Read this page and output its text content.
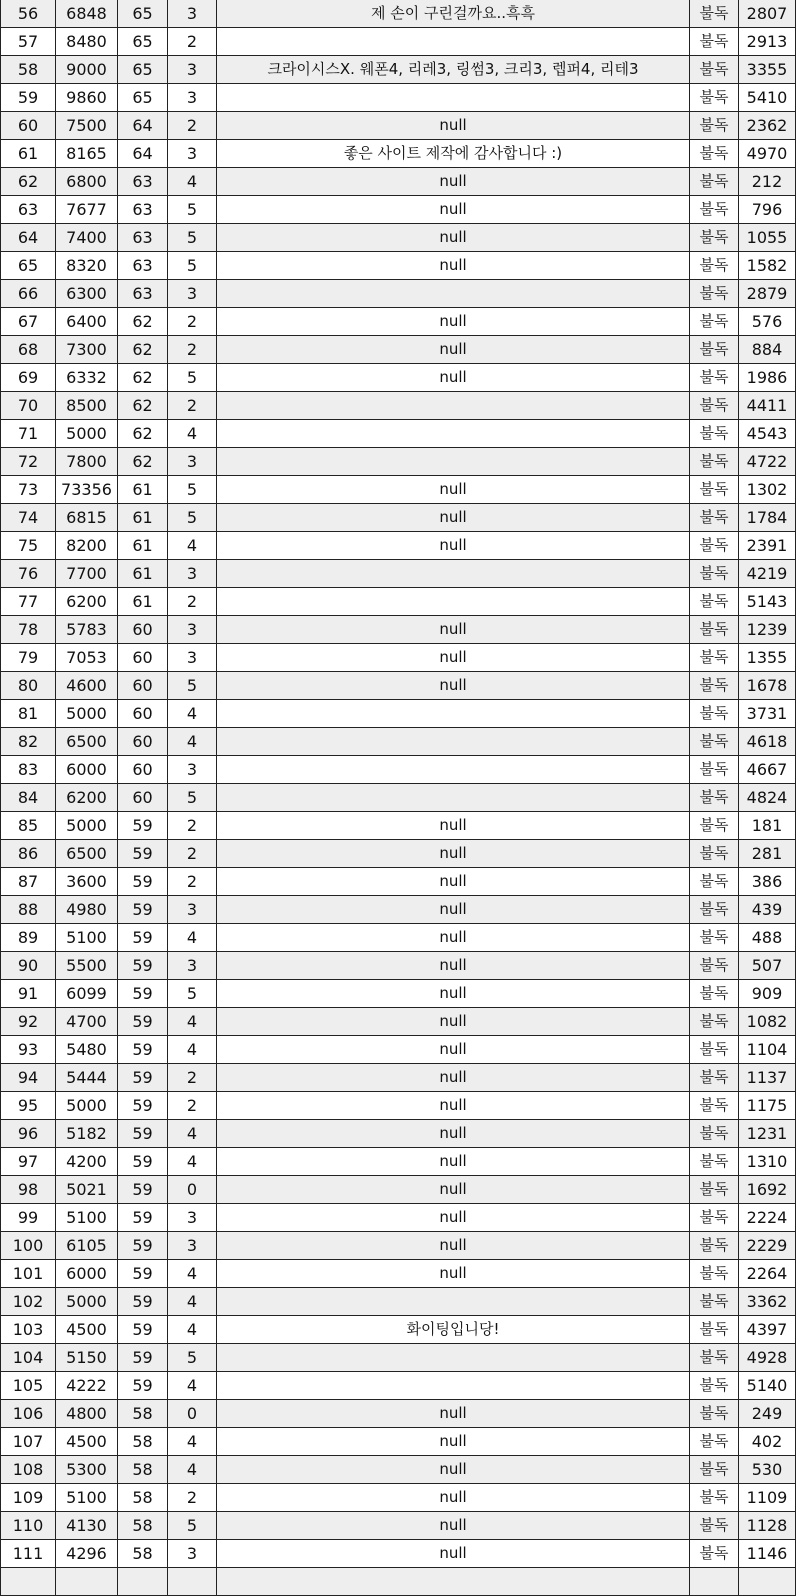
56	6848	65	3	제 손이 구린걸까요..흑흑	불독	2807
57	8480	65	2		불독	2913
58	9000	65	3	크라이시스X. 웨폰4, 리레3, 링썸3, 크리3, 렙퍼4, 리테3	불독	3355
59	9860	65	3		불독	5410
60	7500	64	2	null	불독	2362
61	8165	64	3	좋은 사이트 제작에 감사합니다 :)	불독	4970
62	6800	63	4	null	불독	212
63	7677	63	5	null	불독	796
64	7400	63	5	null	불독	1055
65	8320	63	5	null	불독	1582
66	6300	63	3		불독	2879
67	6400	62	2	null	불독	576
68	7300	62	2	null	불독	884
69	6332	62	5	null	불독	1986
70	8500	62	2		불독	4411
71	5000	62	4		불독	4543
72	7800	62	3		불독	4722
73	73356	61	5	null	불독	1302
74	6815	61	5	null	불독	1784
75	8200	61	4	null	불독	2391
76	7700	61	3		불독	4219
77	6200	61	2		불독	5143
78	5783	60	3	null	불독	1239
79	7053	60	3	null	불독	1355
80	4600	60	5	null	불독	1678
81	5000	60	4		불독	3731
82	6500	60	4		불독	4618
83	6000	60	3		불독	4667
84	6200	60	5		불독	4824
85	5000	59	2	null	불독	181
86	6500	59	2	null	불독	281
87	3600	59	2	null	불독	386
88	4980	59	3	null	불독	439
89	5100	59	4	null	불독	488
90	5500	59	3	null	불독	507
91	6099	59	5	null	불독	909
92	4700	59	4	null	불독	1082
93	5480	59	4	null	불독	1104
94	5444	59	2	null	불독	1137
95	5000	59	2	null	불독	1175
96	5182	59	4	null	불독	1231
97	4200	59	4	null	불독	1310
98	5021	59	0	null	불독	1692
99	5100	59	3	null	불독	2224
100	6105	59	3	null	불독	2229
101	6000	59	4	null	불독	2264
102	5000	59	4		불독	3362
103	4500	59	4	화이팅입니당!	불독	4397
104	5150	59	5		불독	4928
105	4222	59	4		불독	5140
106	4800	58	0	null	불독	249
107	4500	58	4	null	불독	402
108	5300	58	4	null	불독	530
109	5100	58	2	null	불독	1109
110	4130	58	5	null	불독	1128
111	4296	58	3	null	불독	1146
